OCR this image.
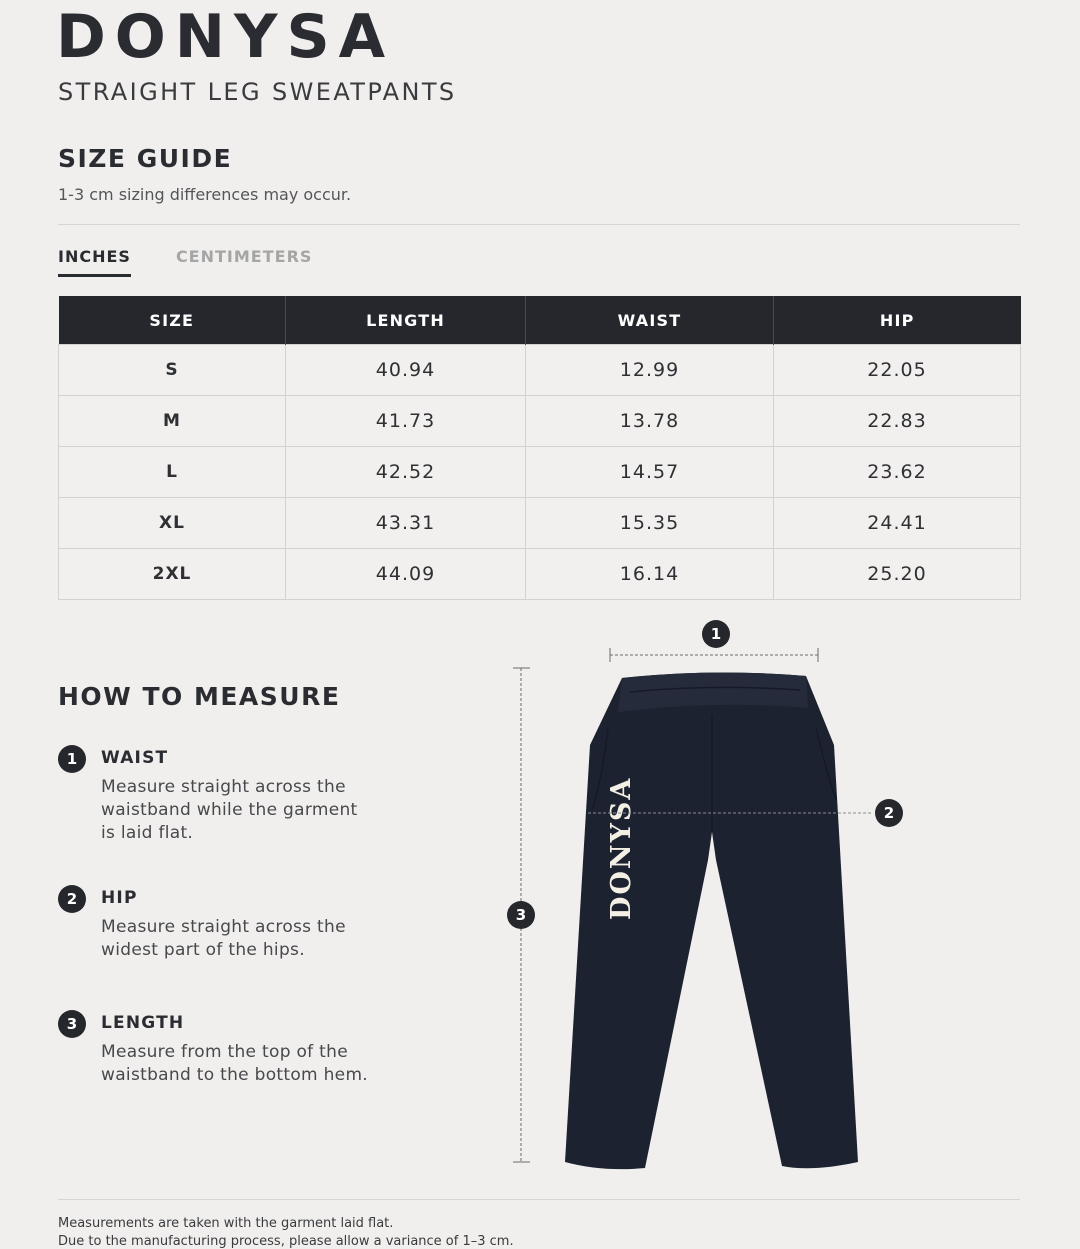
DONYSA
STRAIGHT LEG SWEATPANTS
SIZE GUIDE
1-3 cm sizing differences may occur.
INCHES	CENTIMETERS
SIZE	LENGTH	WAIST	HIP
S	40.94	12.99	22.05
M	41.73	13.78	22.83
L	42.52	14.57	23.62
XL	43.31	15.35	24.41
2XL	44.09	16.14	25.20
HOW TO MEASURE
1	WAIST
Measure straight across the waistband while the garment is laid flat.
2	HIP
Measure straight across the widest part of the hips.
3	LENGTH
Measure from the top of the waistband to the bottom hem.
DONYSA
1
2
3
Measurements are taken with the garment laid flat.
Due to the manufacturing process, please allow a variance of 1–3 cm.
